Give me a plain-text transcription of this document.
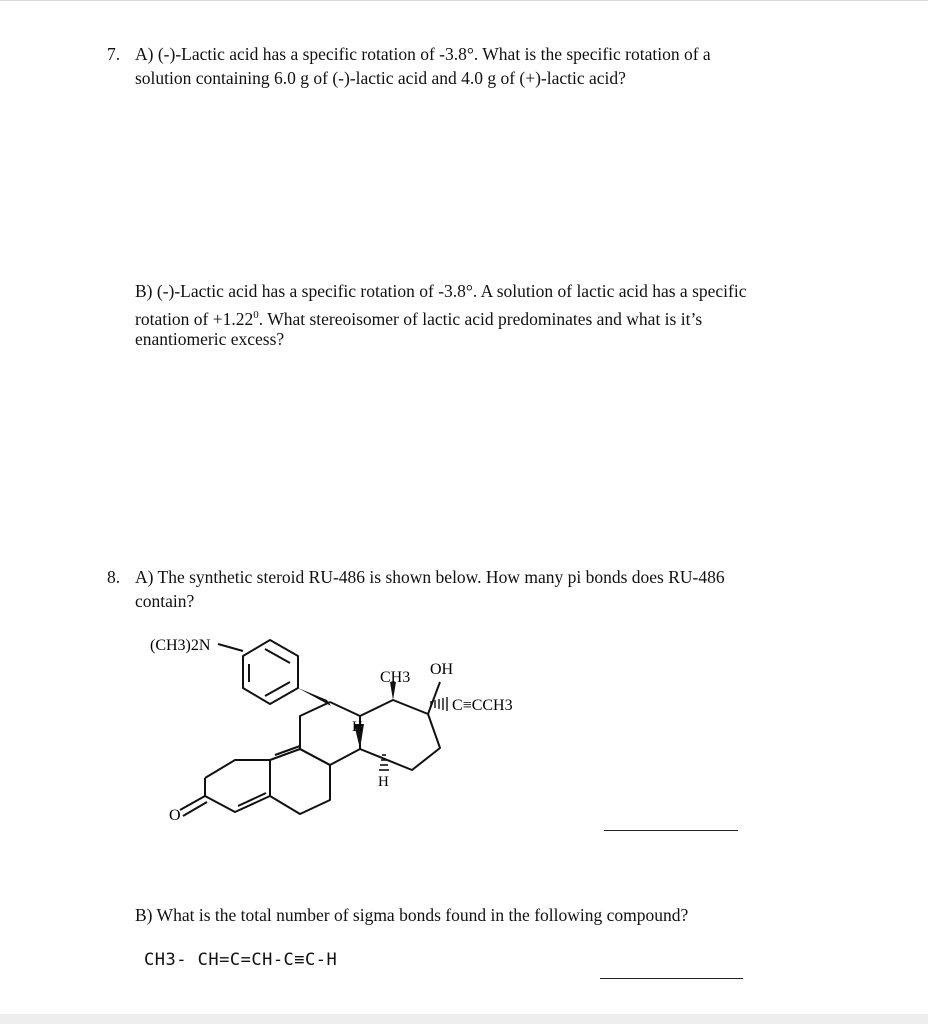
7. A) (-)-Lactic acid has a specific rotation of -3.8°. What is the specific rotation of a
solution containing 6.0 g of (-)-lactic acid and 4.0 g of (+)-lactic acid?
B) (-)-Lactic acid has a specific rotation of -3.8°. A solution of lactic acid has a specific
rotation of $+1.22^0$. What stereoisomer of lactic acid predominates and what is it’s
enantiomeric excess?
8. A) The synthetic steroid RU-486 is shown below. How many pi bonds does RU-486
contain?
(CH3)2N
CH3 OH
C≡CCH3
H
H
O
B) What is the total number of sigma bonds found in the following compound?
CH3- CH=C=CH-C≡C-H
